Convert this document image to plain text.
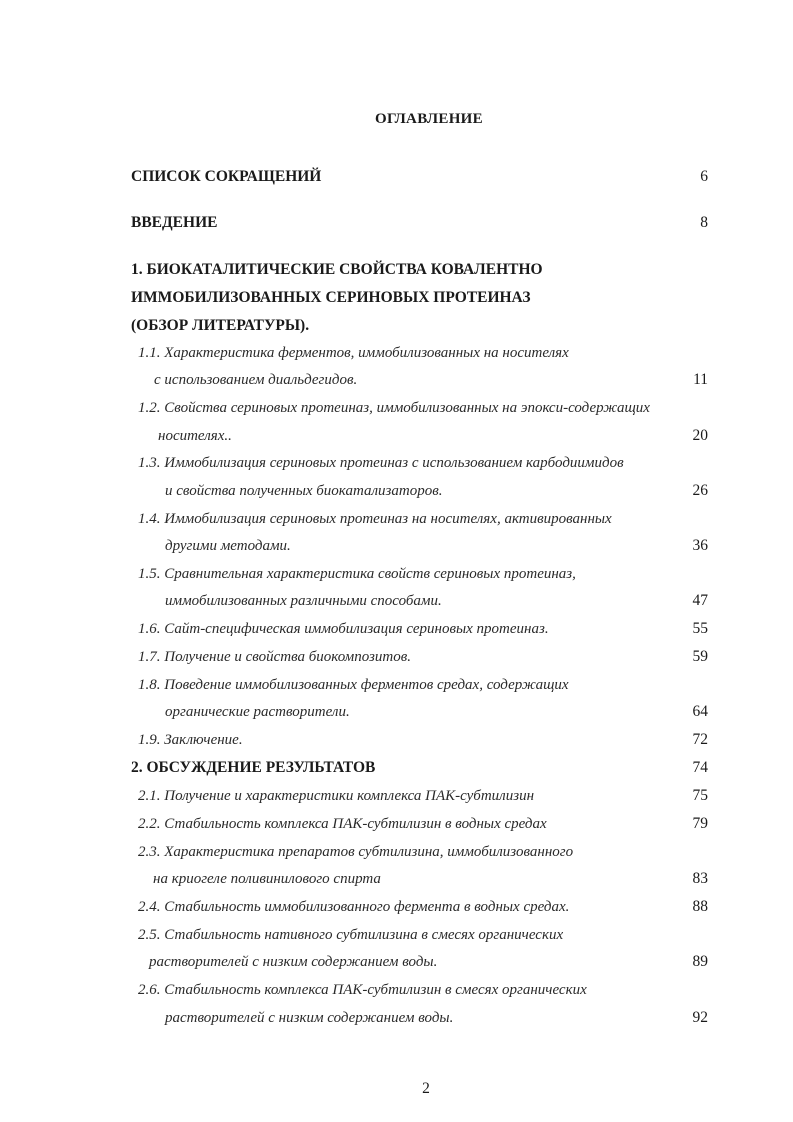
ОГЛАВЛЕНИЕ
СПИСОК СОКРАЩЕНИЙ	6
ВВЕДЕНИЕ	8
1. БИОКАТАЛИТИЧЕСКИЕ СВОЙСТВА КОВАЛЕНТНО
ИММОБИЛИЗОВАННЫХ СЕРИНОВЫХ ПРОТЕИНАЗ
(ОБЗОР ЛИТЕРАТУРЫ).
1.1. Характеристика ферментов, иммобилизованных на носителях
с использованием диальдегидов.	11
1.2. Свойства сериновых протеиназ, иммобилизованных на эпокси-содержащих
носителях..	20
1.3. Иммобилизация сериновых протеиназ с использованием карбодиимидов
и свойства полученных биокатализаторов.	26
1.4. Иммобилизация сериновых протеиназ на носителях, активированных
другими методами.	36
1.5. Сравнительная характеристика свойств сериновых протеиназ,
иммобилизованных различными способами.	47
1.6. Сайт-специфическая иммобилизация сериновых протеиназ.	55
1.7. Получение и свойства биокомпозитов.	59
1.8. Поведение иммобилизованных ферментов средах, содержащих
органические растворители.	64
1.9. Заключение.	72
2. ОБСУЖДЕНИЕ РЕЗУЛЬТАТОВ	74
2.1. Получение и характеристики комплекса ПАК-субтилизин	75
2.2. Стабильность комплекса ПАК-субтилизин в водных средах	79
2.3. Характеристика препаратов субтилизина, иммобилизованного
на криогеле поливинилового спирта	83
2.4. Стабильность иммобилизованного фермента в водных средах.	88
2.5. Стабильность нативного субтилизина в смесях органических
растворителей с низким содержанием воды.	89
2.6. Стабильность комплекса ПАК-субтилизин в смесях органических
растворителей с низким содержанием воды.	92
2
